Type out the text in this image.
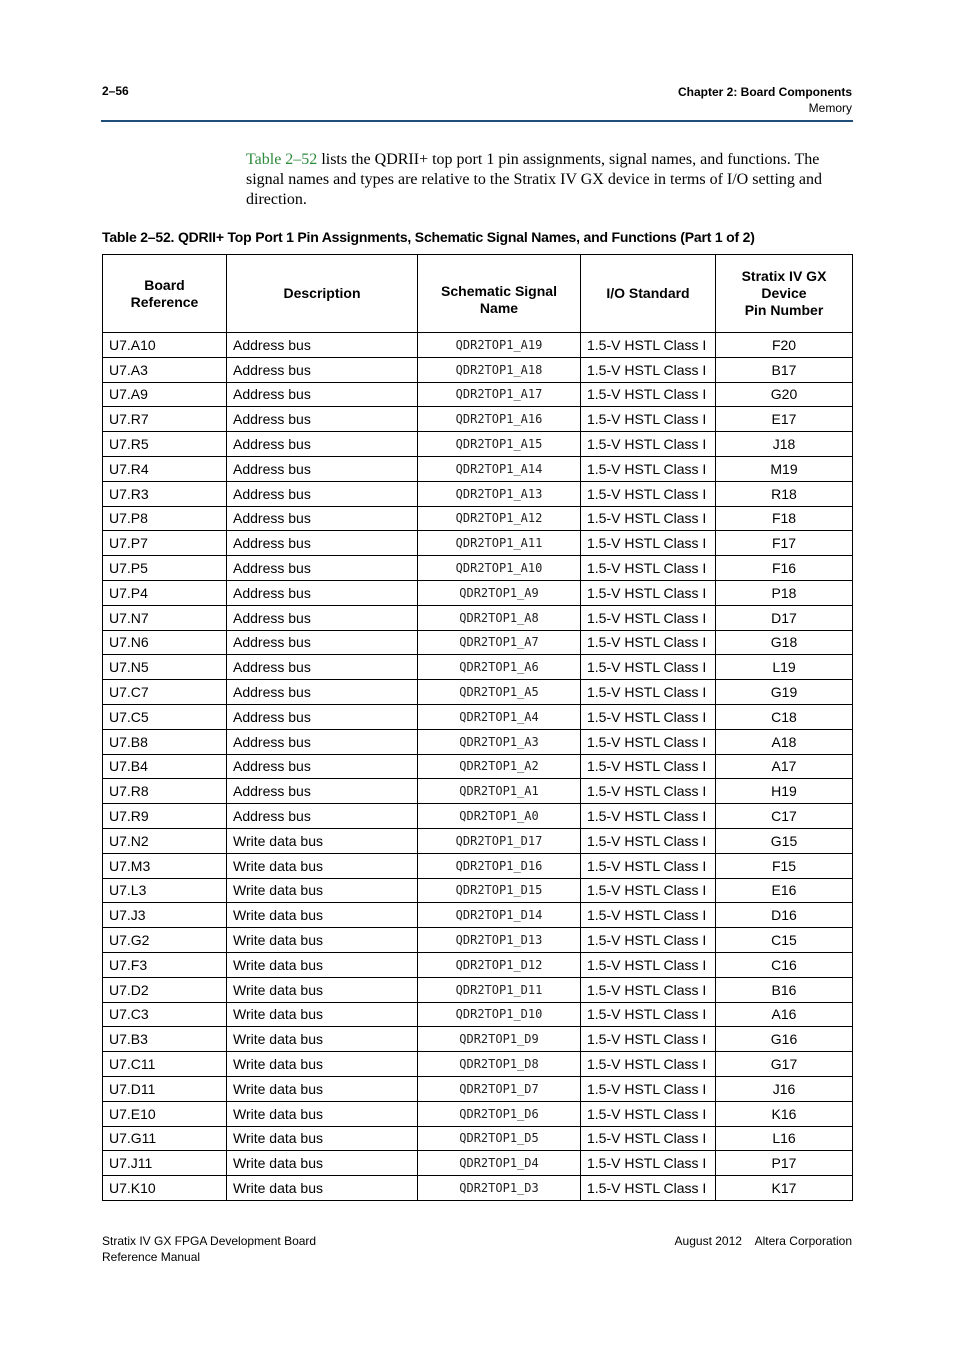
2–56	Chapter 2: Board Components
Memory

Table 2–52 lists the QDRII+ top port 1 pin assignments, signal names, and functions. The signal names and types are relative to the Stratix IV GX device in terms of I/O setting and direction.

Table 2–52. QDRII+ Top Port 1 Pin Assignments, Schematic Signal Names, and Functions (Part 1 of 2)
Board Reference	Description	Schematic Signal Name	I/O Standard	Stratix IV GX
Device
Pin Number
U7.A10	Address bus	QDR2TOP1_A19	1.5-V HSTL Class I	F20
U7.A3	Address bus	QDR2TOP1_A18	1.5-V HSTL Class I	B17
U7.A9	Address bus	QDR2TOP1_A17	1.5-V HSTL Class I	G20
U7.R7	Address bus	QDR2TOP1_A16	1.5-V HSTL Class I	E17
U7.R5	Address bus	QDR2TOP1_A15	1.5-V HSTL Class I	J18
U7.R4	Address bus	QDR2TOP1_A14	1.5-V HSTL Class I	M19
U7.R3	Address bus	QDR2TOP1_A13	1.5-V HSTL Class I	R18
U7.P8	Address bus	QDR2TOP1_A12	1.5-V HSTL Class I	F18
U7.P7	Address bus	QDR2TOP1_A11	1.5-V HSTL Class I	F17
U7.P5	Address bus	QDR2TOP1_A10	1.5-V HSTL Class I	F16
U7.P4	Address bus	QDR2TOP1_A9	1.5-V HSTL Class I	P18
U7.N7	Address bus	QDR2TOP1_A8	1.5-V HSTL Class I	D17
U7.N6	Address bus	QDR2TOP1_A7	1.5-V HSTL Class I	G18
U7.N5	Address bus	QDR2TOP1_A6	1.5-V HSTL Class I	L19
U7.C7	Address bus	QDR2TOP1_A5	1.5-V HSTL Class I	G19
U7.C5	Address bus	QDR2TOP1_A4	1.5-V HSTL Class I	C18
U7.B8	Address bus	QDR2TOP1_A3	1.5-V HSTL Class I	A18
U7.B4	Address bus	QDR2TOP1_A2	1.5-V HSTL Class I	A17
U7.R8	Address bus	QDR2TOP1_A1	1.5-V HSTL Class I	H19
U7.R9	Address bus	QDR2TOP1_A0	1.5-V HSTL Class I	C17
U7.N2	Write data bus	QDR2TOP1_D17	1.5-V HSTL Class I	G15
U7.M3	Write data bus	QDR2TOP1_D16	1.5-V HSTL Class I	F15
U7.L3	Write data bus	QDR2TOP1_D15	1.5-V HSTL Class I	E16
U7.J3	Write data bus	QDR2TOP1_D14	1.5-V HSTL Class I	D16
U7.G2	Write data bus	QDR2TOP1_D13	1.5-V HSTL Class I	C15
U7.F3	Write data bus	QDR2TOP1_D12	1.5-V HSTL Class I	C16
U7.D2	Write data bus	QDR2TOP1_D11	1.5-V HSTL Class I	B16
U7.C3	Write data bus	QDR2TOP1_D10	1.5-V HSTL Class I	A16
U7.B3	Write data bus	QDR2TOP1_D9	1.5-V HSTL Class I	G16
U7.C11	Write data bus	QDR2TOP1_D8	1.5-V HSTL Class I	G17
U7.D11	Write data bus	QDR2TOP1_D7	1.5-V HSTL Class I	J16
U7.E10	Write data bus	QDR2TOP1_D6	1.5-V HSTL Class I	K16
U7.G11	Write data bus	QDR2TOP1_D5	1.5-V HSTL Class I	L16
U7.J11	Write data bus	QDR2TOP1_D4	1.5-V HSTL Class I	P17
U7.K10	Write data bus	QDR2TOP1_D3	1.5-V HSTL Class I	K17
Stratix IV GX FPGA Development Board
Reference Manual
August 2012    Altera Corporation
